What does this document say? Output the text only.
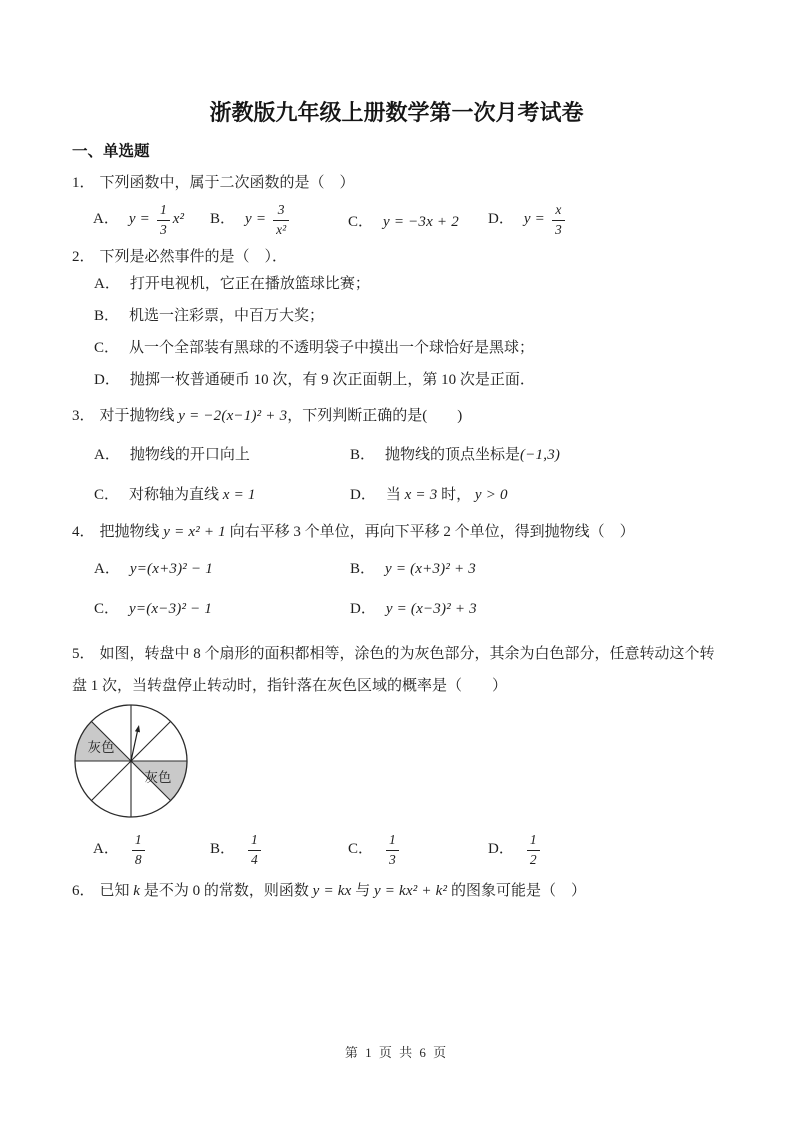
浙教版九年级上册数学第一次月考试卷
一、单选题

1． 下列函数中，属于二次函数的是（　）

A． $y = \frac{1}{3} x^2$	B． $y = \frac{3}{\text{x²}}$	C． y = −3x + 2	D． $y = \frac{x}{3}$

2． 下列是必然事件的是（　）．

A． 打开电视机，它正在播放篮球比赛；
B． 机选一注彩票，中百万大奖；
C． 从一个全部装有黑球的不透明袋子中摸出一个球恰好是黑球；
D． 抛掷一枚普通硬币 10 次，有 9 次正面朝上，第 10 次是正面．

3． 对于抛物线 y = −2(x−1)² + 3，下列判断正确的是(　　)

A． 抛物线的开口向上	B． 抛物线的顶点坐标是(−1,3)
C． 对称轴为直线 x = 1	D． 当 x = 3 时， y > 0

4． 把抛物线 y = x² + 1 向右平移 3 个单位，再向下平移 2 个单位，得到抛物线（　）

A． y=(x+3)² − 1	B． y = (x+3)² + 3
C． y=(x−3)² − 1	D． y = (x−3)² + 3

5． 如图，转盘中 8 个扇形的面积都相等，涂色的为灰色部分，其余为白色部分，任意转动这个转盘 1 次，当转盘停止转动时，指针落在灰色区域的概率是（　　）

灰色
灰色
A． $\frac{1}{8}$	B． $\frac{1}{4}$	C． $\frac{1}{3}$	D． $\frac{1}{2}$

6． 已知 k 是不为 0 的常数，则函数 y = kx 与 y = kx² + k² 的图象可能是（　）

第 1 页 共 6 页
